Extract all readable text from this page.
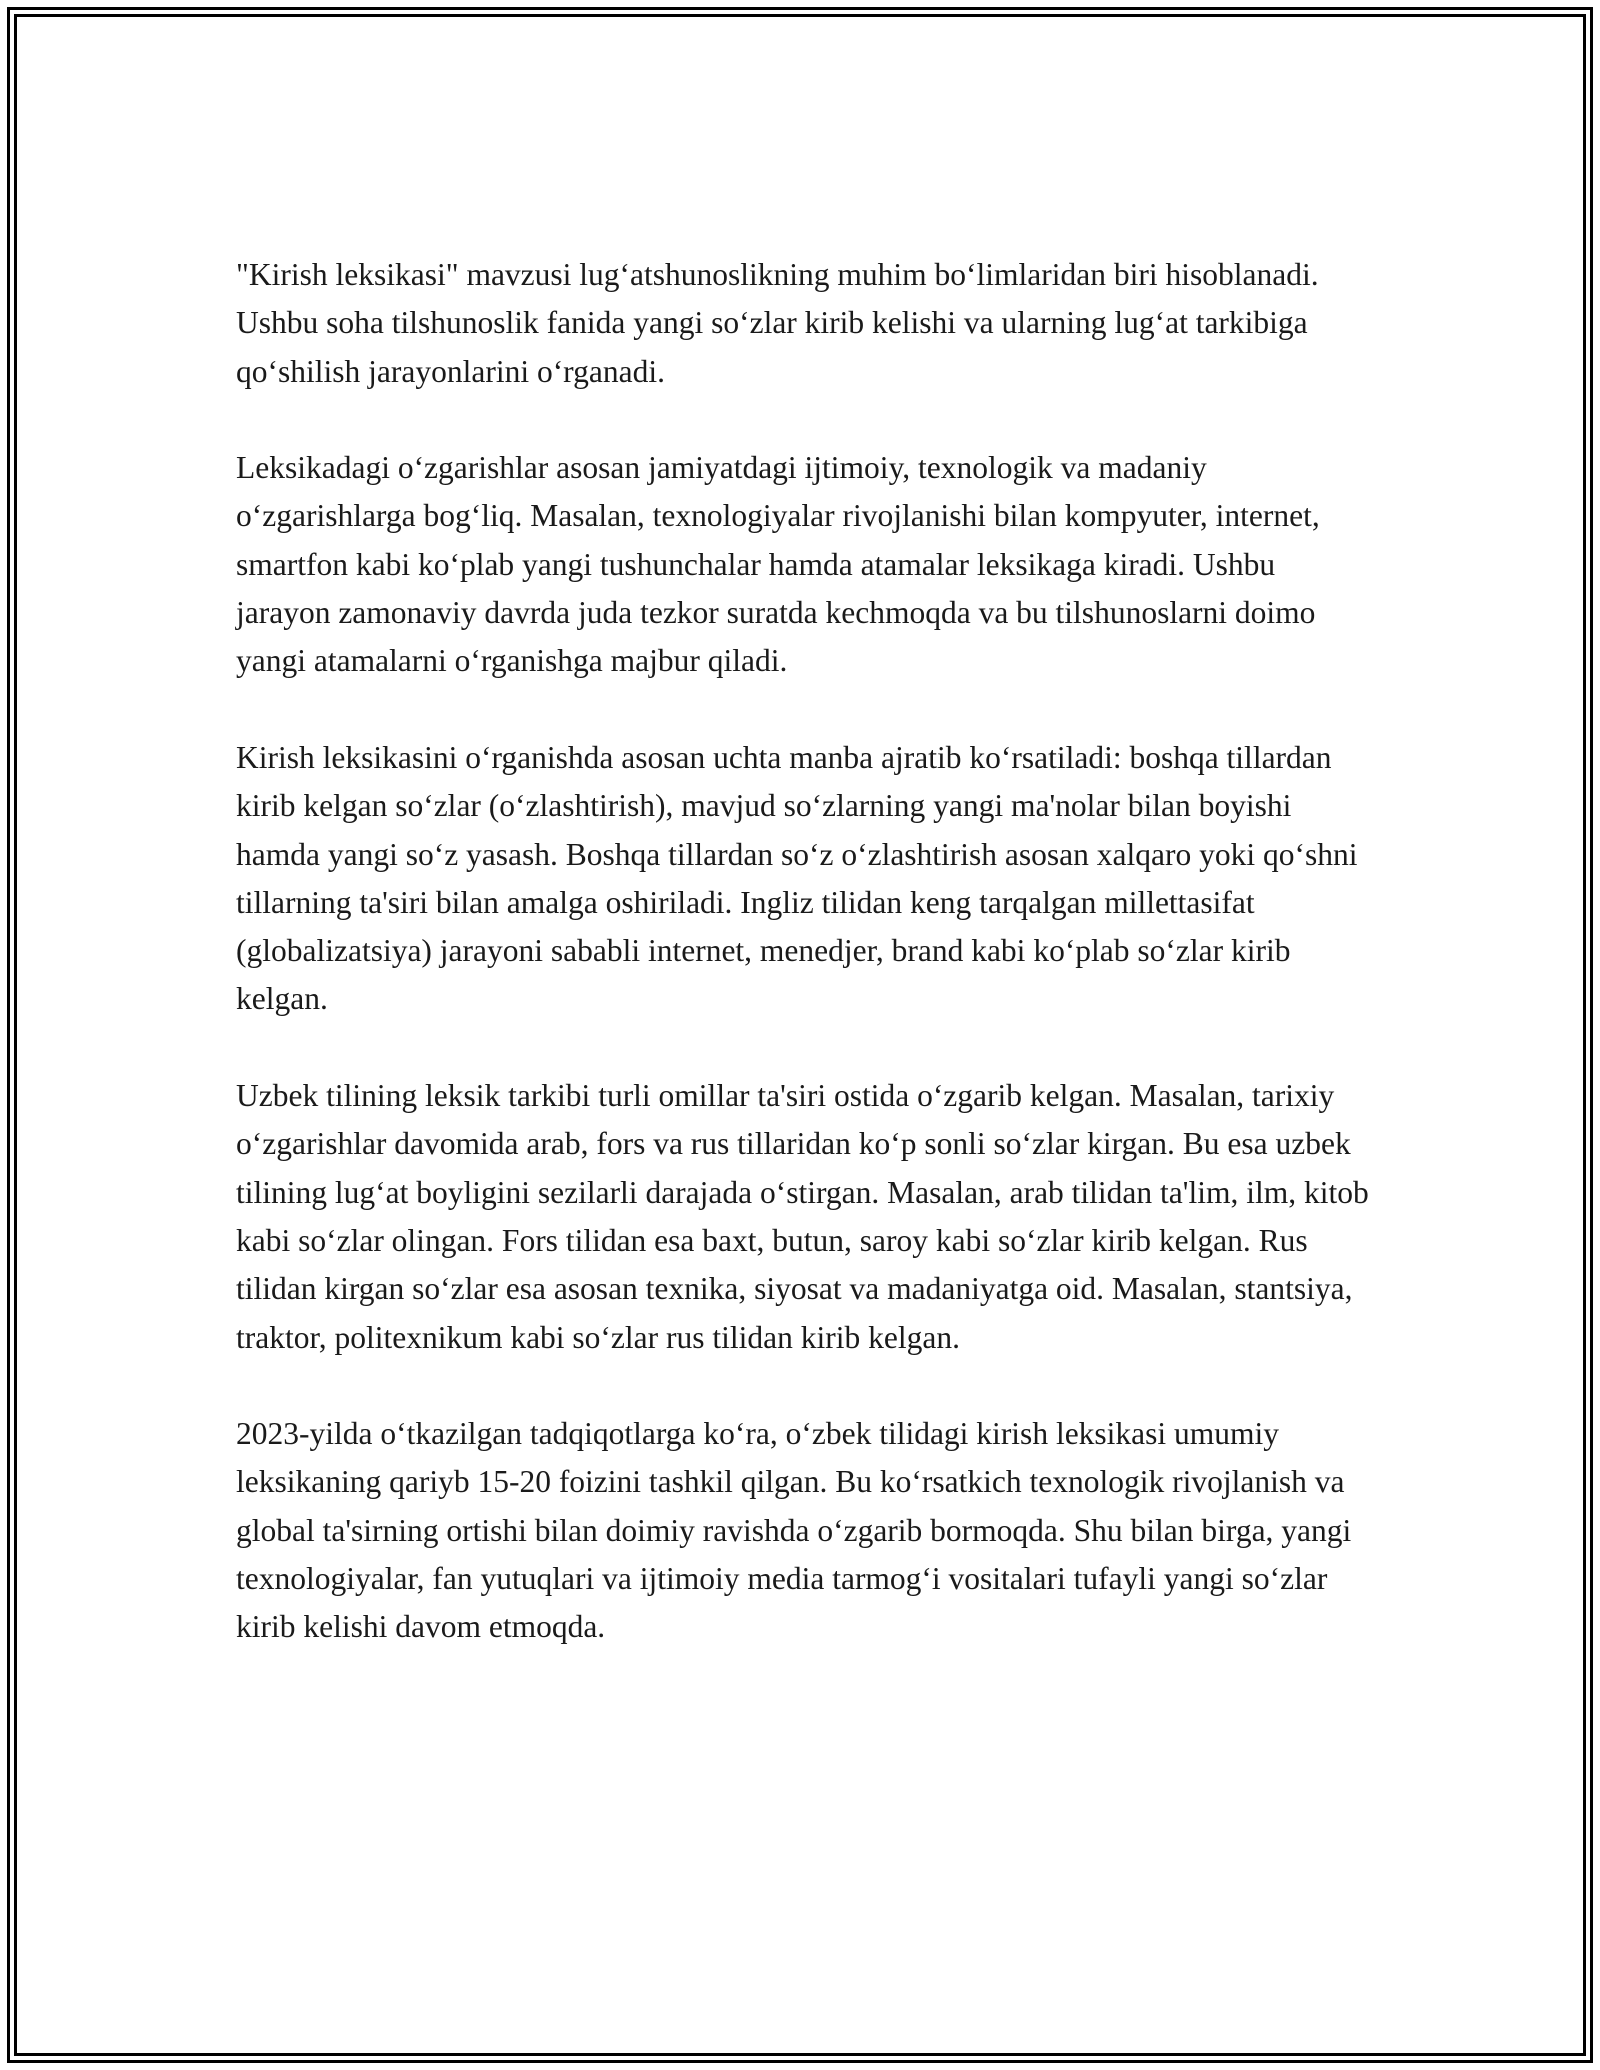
"Kirish leksikasi" mavzusi lugʻatshunoslikning muhim boʻlimlaridan biri hisoblanadi. Ushbu soha tilshunoslik fanida yangi soʻzlar kirib kelishi va ularning lugʻat tarkibiga qoʻshilish jarayonlarini oʻrganadi.

Leksikadagi oʻzgarishlar asosan jamiyatdagi ijtimoiy, texnologik va madaniy oʻzgarishlarga bogʻliq. Masalan, texnologiyalar rivojlanishi bilan kompyuter, internet, smartfon kabi koʻplab yangi tushunchalar hamda atamalar leksikaga kiradi. Ushbu jarayon zamonaviy davrda juda tezkor suratda kechmoqda va bu tilshunoslarni doimo yangi atamalarni oʻrganishga majbur qiladi.

Kirish leksikasini oʻrganishda asosan uchta manba ajratib koʻrsatiladi: boshqa tillardan kirib kelgan soʻzlar (oʻzlashtirish), mavjud soʻzlarning yangi ma'nolar bilan boyishi hamda yangi soʻz yasash. Boshqa tillardan soʻz oʻzlashtirish asosan xalqaro yoki qoʻshni tillarning ta'siri bilan amalga oshiriladi. Ingliz tilidan keng tarqalgan millettasifat (globalizatsiya) jarayoni sababli internet, menedjer, brand kabi koʻplab soʻzlar kirib kelgan.

Uzbek tilining leksik tarkibi turli omillar ta'siri ostida oʻzgarib kelgan. Masalan, tarixiy oʻzgarishlar davomida arab, fors va rus tillaridan koʻp sonli soʻzlar kirgan. Bu esa uzbek tilining lugʻat boyligini sezilarli darajada oʻstirgan. Masalan, arab tilidan ta'lim, ilm, kitob kabi soʻzlar olingan. Fors tilidan esa baxt, butun, saroy kabi soʻzlar kirib kelgan. Rus tilidan kirgan soʻzlar esa asosan texnika, siyosat va madaniyatga oid. Masalan, stantsiya, traktor, politexnikum kabi soʻzlar rus tilidan kirib kelgan.

2023-yilda oʻtkazilgan tadqiqotlarga koʻra, oʻzbek tilidagi kirish leksikasi umumiy leksikaning qariyb 15-20 foizini tashkil qilgan. Bu koʻrsatkich texnologik rivojlanish va global ta'sirning ortishi bilan doimiy ravishda oʻzgarib bormoqda. Shu bilan birga, yangi texnologiyalar, fan yutuqlari va ijtimoiy media tarmogʻi vositalari tufayli yangi soʻzlar kirib kelishi davom etmoqda.
